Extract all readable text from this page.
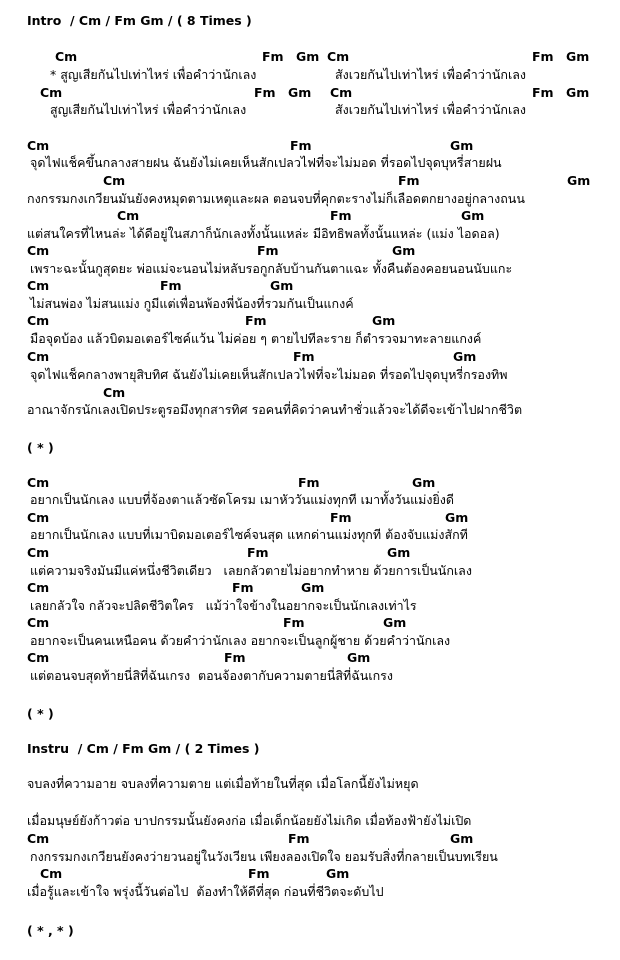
Intro  / Cm / Fm Gm / ( 8 Times )
Cm	Fm Gm Cm	Fm Gm
* สูญเสียกันไปเท่าไหร่ เพื่อคำว่านักเลง	สังเวยกันไปเท่าไหร่ เพื่อคำว่านักเลง
Cm	Fm Gm Cm	Fm Gm
สูญเสียกันไปเท่าไหร่ เพื่อคำว่านักเลง	สังเวยกันไปเท่าไหร่ เพื่อคำว่านักเลง
Cm	Fm	Gm
จุดไฟแช็คขึ้นกลางสายฝน ฉันยังไม่เคยเห็นสักเปลวไฟที่จะไม่มอด ที่รอดไปจุดบุหรี่สายฝน
Cm	Fm	Gm
กงกรรมกงเกวียนมันยังคงหมุดตามเหตุและผล ตอนจบที่คุกตะรางไม่ก็เลือดตกยางอยู่กลางถนน
Cm	Fm	Gm
แต่สนใครที่ไหนล่ะ ได้ดีอยู่ในสภาก็นักเลงทั้งนั้นแหล่ะ มีอิทธิพลทั้งนั้นแหล่ะ (แม่ง ไอดอล)
Cm	Fm	Gm
เพราะฉะนั้นกูสุดยะ พ่อแม่จะนอนไม่หลับรอกูกลับบ้านกันตาแฉะ ทั้งคืนต้องคอยนอนนับแกะ
Cm	Fm	Gm
ไม่สนพ่อง ไม่สนแม่ง กูมีแต่เพื่อนพ้องพี่น้องที่รวมกันเป็นแกงค์
Cm	Fm	Gm
มือจุดบ้อง แล้วบิดมอเตอร์ไซค์แว้น ไม่ค่อย ๆ ตายไปทีละราย ก็ตำรวจมาทะลายแกงค์
Cm	Fm	Gm
จุดไฟแช็คกลางพายุสิบทิศ ฉันยังไม่เคยเห็นสักเปลวไฟที่จะไม่มอด ที่รอดไปจุดบุหรี่กรองทิพ
Cm
อาณาจักรนักเลงเปิดประตูรอมึงทุกสารทิศ รอคนที่คิดว่าคนทำชั่วแล้วจะได้ดีจะเข้าไปฝากชีวิต
( * )
Cm	Fm	Gm
อยากเป็นนักเลง แบบที่จ้องตาแล้วซัดโครม เมาหัววันแม่งทุกที เมาทั้งวันแม่งยิ่งดี
Cm	Fm	Gm
อยากเป็นนักเลง แบบที่เมาบิดมอเตอร์ไซค์จนสุด แหกด่านแม่งทุกที ต้องจับแม่งสักที
Cm	Fm	Gm
แต่ความจริงมันมีแค่หนึ่งชีวิตเดียว   เลยกลัวตายไม่อยากทำหาย ด้วยการเป็นนักเลง
Cm	Fm	Gm
เลยกลัวใจ กลัวจะปลิดชีวิตใคร   แม้ว่าใจข้างในอยากจะเป็นนักเลงเท่าไร
Cm	Fm	Gm
อยากจะเป็นคนเหนือคน ด้วยคำว่านักเลง อยากจะเป็นลูกผู้ชาย ด้วยคำว่านักเลง
Cm	Fm	Gm
แต่ตอนจบสุดท้ายนี่สิที่ฉันเกรง  ตอนจ้องตากับความตายนี่สิที่ฉันเกรง
( * )
Instru  / Cm / Fm Gm / ( 2 Times )
จบลงที่ความอาย จบลงที่ความตาย แต่เมื่อท้ายในที่สุด เมื่อโลกนี้ยังไม่หยุด
เมื่อมนุษย์ยังก้าวต่อ บาปกรรมนั้นยังคงก่อ เมื่อเด็กน้อยยังไม่เกิด เมื่อท้องฟ้ายังไม่เปิด
Cm	Fm	Gm
กงกรรมกงเกวียนยังคงว่ายวนอยู่ในวังเวียน เพียงลองเปิดใจ ยอมรับสิ่งที่กลายเป็นบทเรียน
Cm	Fm	Gm
เมื่อรู้และเข้าใจ พรุ่งนี้วันต่อไป  ต้องทำให้ดีที่สุด ก่อนที่ชีวิตจะดับไป
( * , * )
